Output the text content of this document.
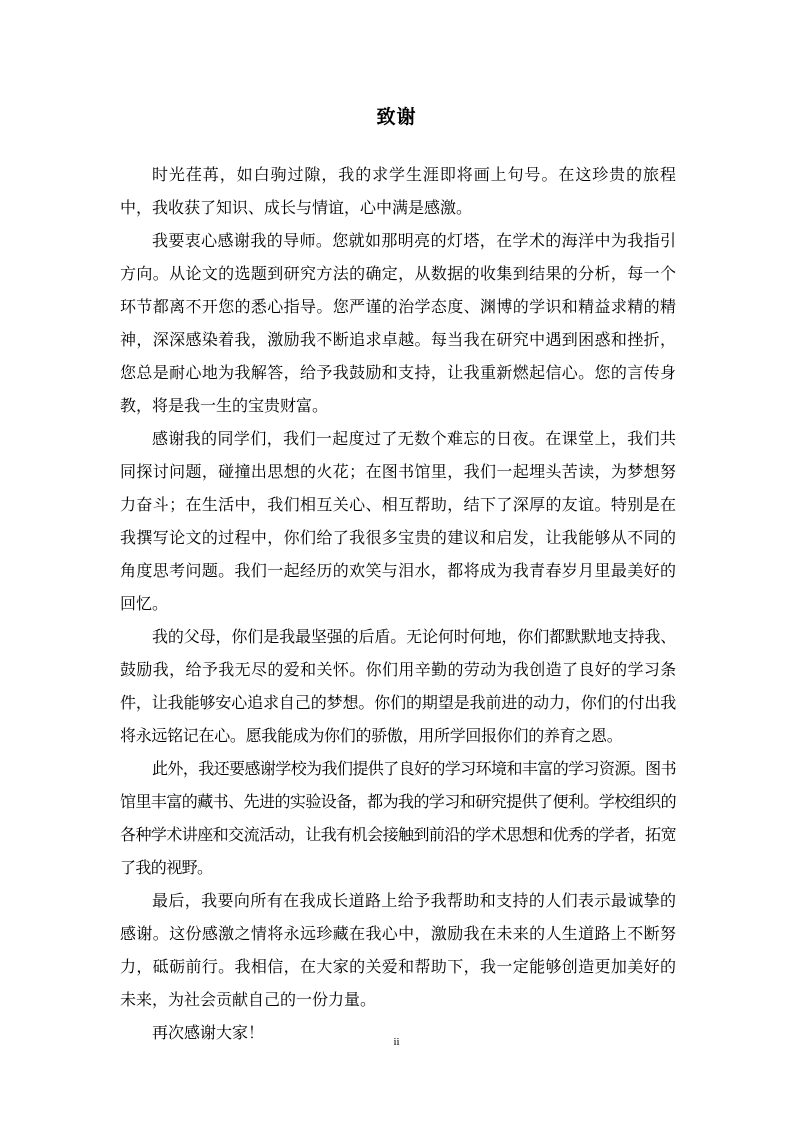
致谢

时光荏苒，如白驹过隙，我的求学生涯即将画上句号。在这珍贵的旅程中，我收获了知识、成长与情谊，心中满是感激。

我要衷心感谢我的导师。您就如那明亮的灯塔，在学术的海洋中为我指引方向。从论文的选题到研究方法的确定，从数据的收集到结果的分析，每一个环节都离不开您的悉心指导。您严谨的治学态度、渊博的学识和精益求精的精神，深深感染着我，激励我不断追求卓越。每当我在研究中遇到困惑和挫折，您总是耐心地为我解答，给予我鼓励和支持，让我重新燃起信心。您的言传身教，将是我一生的宝贵财富。

感谢我的同学们，我们一起度过了无数个难忘的日夜。在课堂上，我们共同探讨问题，碰撞出思想的火花；在图书馆里，我们一起埋头苦读，为梦想努力奋斗；在生活中，我们相互关心、相互帮助，结下了深厚的友谊。特别是在我撰写论文的过程中，你们给了我很多宝贵的建议和启发，让我能够从不同的角度思考问题。我们一起经历的欢笑与泪水，都将成为我青春岁月里最美好的回忆。

我的父母，你们是我最坚强的后盾。无论何时何地，你们都默默地支持我、鼓励我，给予我无尽的爱和关怀。你们用辛勤的劳动为我创造了良好的学习条件，让我能够安心追求自己的梦想。你们的期望是我前进的动力，你们的付出我将永远铭记在心。愿我能成为你们的骄傲，用所学回报你们的养育之恩。

此外，我还要感谢学校为我们提供了良好的学习环境和丰富的学习资源。图书馆里丰富的藏书、先进的实验设备，都为我的学习和研究提供了便利。学校组织的各种学术讲座和交流活动，让我有机会接触到前沿的学术思想和优秀的学者，拓宽了我的视野。

最后，我要向所有在我成长道路上给予我帮助和支持的人们表示最诚挚的感谢。这份感激之情将永远珍藏在我心中，激励我在未来的人生道路上不断努力，砥砺前行。我相信，在大家的关爱和帮助下，我一定能够创造更加美好的未来，为社会贡献自己的一份力量。

再次感谢大家！	ii
